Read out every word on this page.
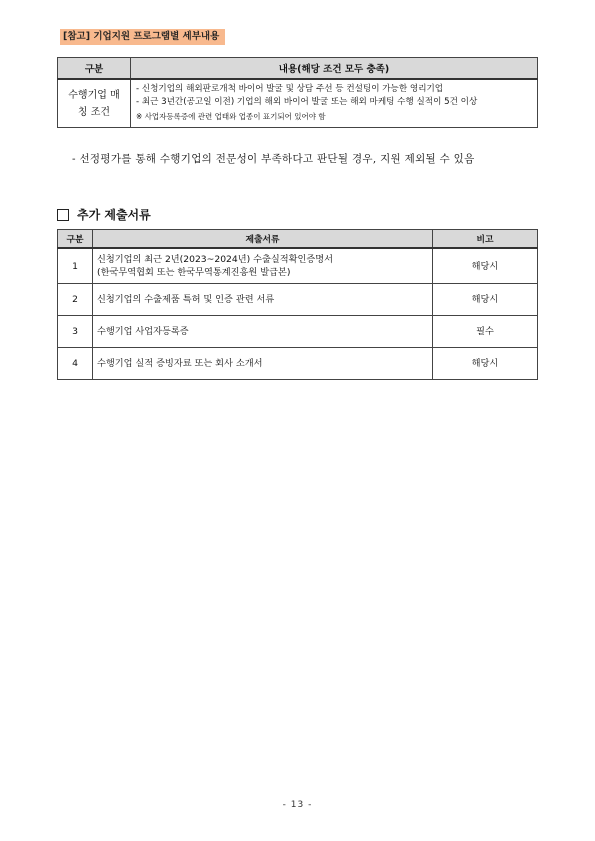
[참고] 기업지원 프로그램별 세부내용
구분	내용(해당 조건 모두 충족)
수행기업 매칭 조건	- 신청기업의 해외판로개척 바이어 발굴 및 상담 주선 등 컨설팅이 가능한 영리기업
- 최근 3년간(공고일 이전) 기업의 해외 바이어 발굴 또는 해외 마케팅 수행 실적이 5건 이상
※ 사업자등록증에 관련 업태와 업종이 표기되어 있어야 함
- 선정평가를 통해 수행기업의 전문성이 부족하다고 판단될 경우, 지원 제외될 수 있음
추가 제출서류
구분	제출서류	비고
1	신청기업의 최근 2년(2023~2024년) 수출실적확인증명서
(한국무역협회 또는 한국무역통계진흥원 발급본)	해당시
2	신청기업의 수출제품 특허 및 인증 관련 서류	해당시
3	수행기업 사업자등록증	필수
4	수행기업 실적 증빙자료 또는 회사 소개서	해당시
- 13 -
